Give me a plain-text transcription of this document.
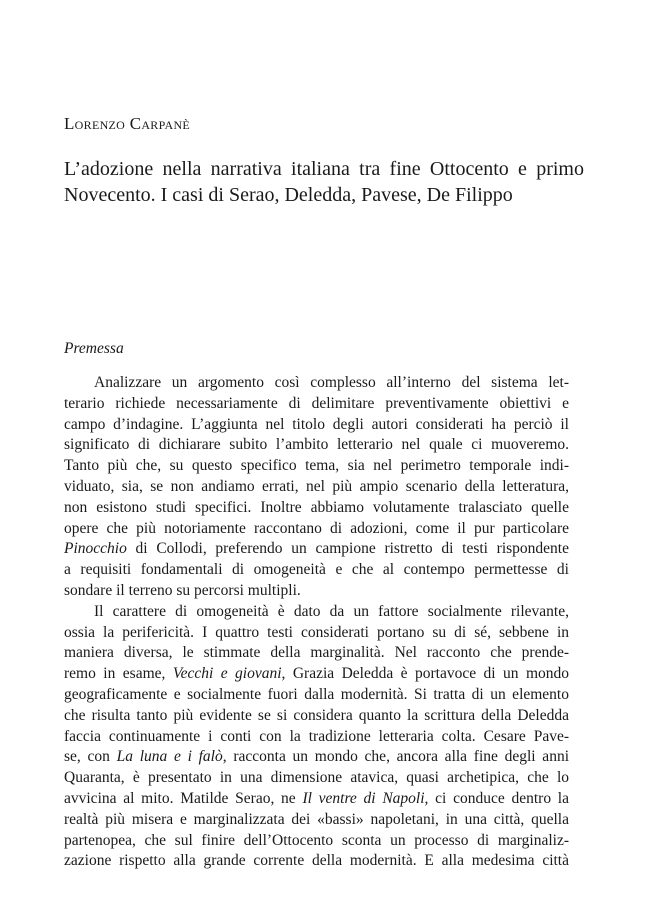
Lorenzo Carpanè
L’adozione nella narrativa italiana tra fine Ottocento e primo
Novecento. I casi di Serao, Deledda, Pavese, De Filippo
Premessa
Analizzare un argomento così complesso all’interno del sistema let-
terario richiede necessariamente di delimitare preventivamente obiettivi e
campo d’indagine. L’aggiunta nel titolo degli autori considerati ha perciò il
significato di dichiarare subito l’ambito letterario nel quale ci muoveremo.
Tanto più che, su questo specifico tema, sia nel perimetro temporale indi-
viduato, sia, se non andiamo errati, nel più ampio scenario della letteratura,
non esistono studi specifici. Inoltre abbiamo volutamente tralasciato quelle
opere che più notoriamente raccontano di adozioni, come il pur particolare
Pinocchio di Collodi, preferendo un campione ristretto di testi rispondente
a requisiti fondamentali di omogeneità e che al contempo permettesse di
sondare il terreno su percorsi multipli.
Il carattere di omogeneità è dato da un fattore socialmente rilevante,
ossia la perifericità. I quattro testi considerati portano su di sé, sebbene in
maniera diversa, le stimmate della marginalità. Nel racconto che prende-
remo in esame, Vecchi e giovani, Grazia Deledda è portavoce di un mondo
geograficamente e socialmente fuori dalla modernità. Si tratta di un elemento
che risulta tanto più evidente se si considera quanto la scrittura della Deledda
faccia continuamente i conti con la tradizione letteraria colta. Cesare Pave-
se, con La luna e i falò, racconta un mondo che, ancora alla fine degli anni
Quaranta, è presentato in una dimensione atavica, quasi archetipica, che lo
avvicina al mito. Matilde Serao, ne Il ventre di Napoli, ci conduce dentro la
realtà più misera e marginalizzata dei «bassi» napoletani, in una città, quella
partenopea, che sul finire dell’Ottocento sconta un processo di marginaliz-
zazione rispetto alla grande corrente della modernità. E alla medesima città
